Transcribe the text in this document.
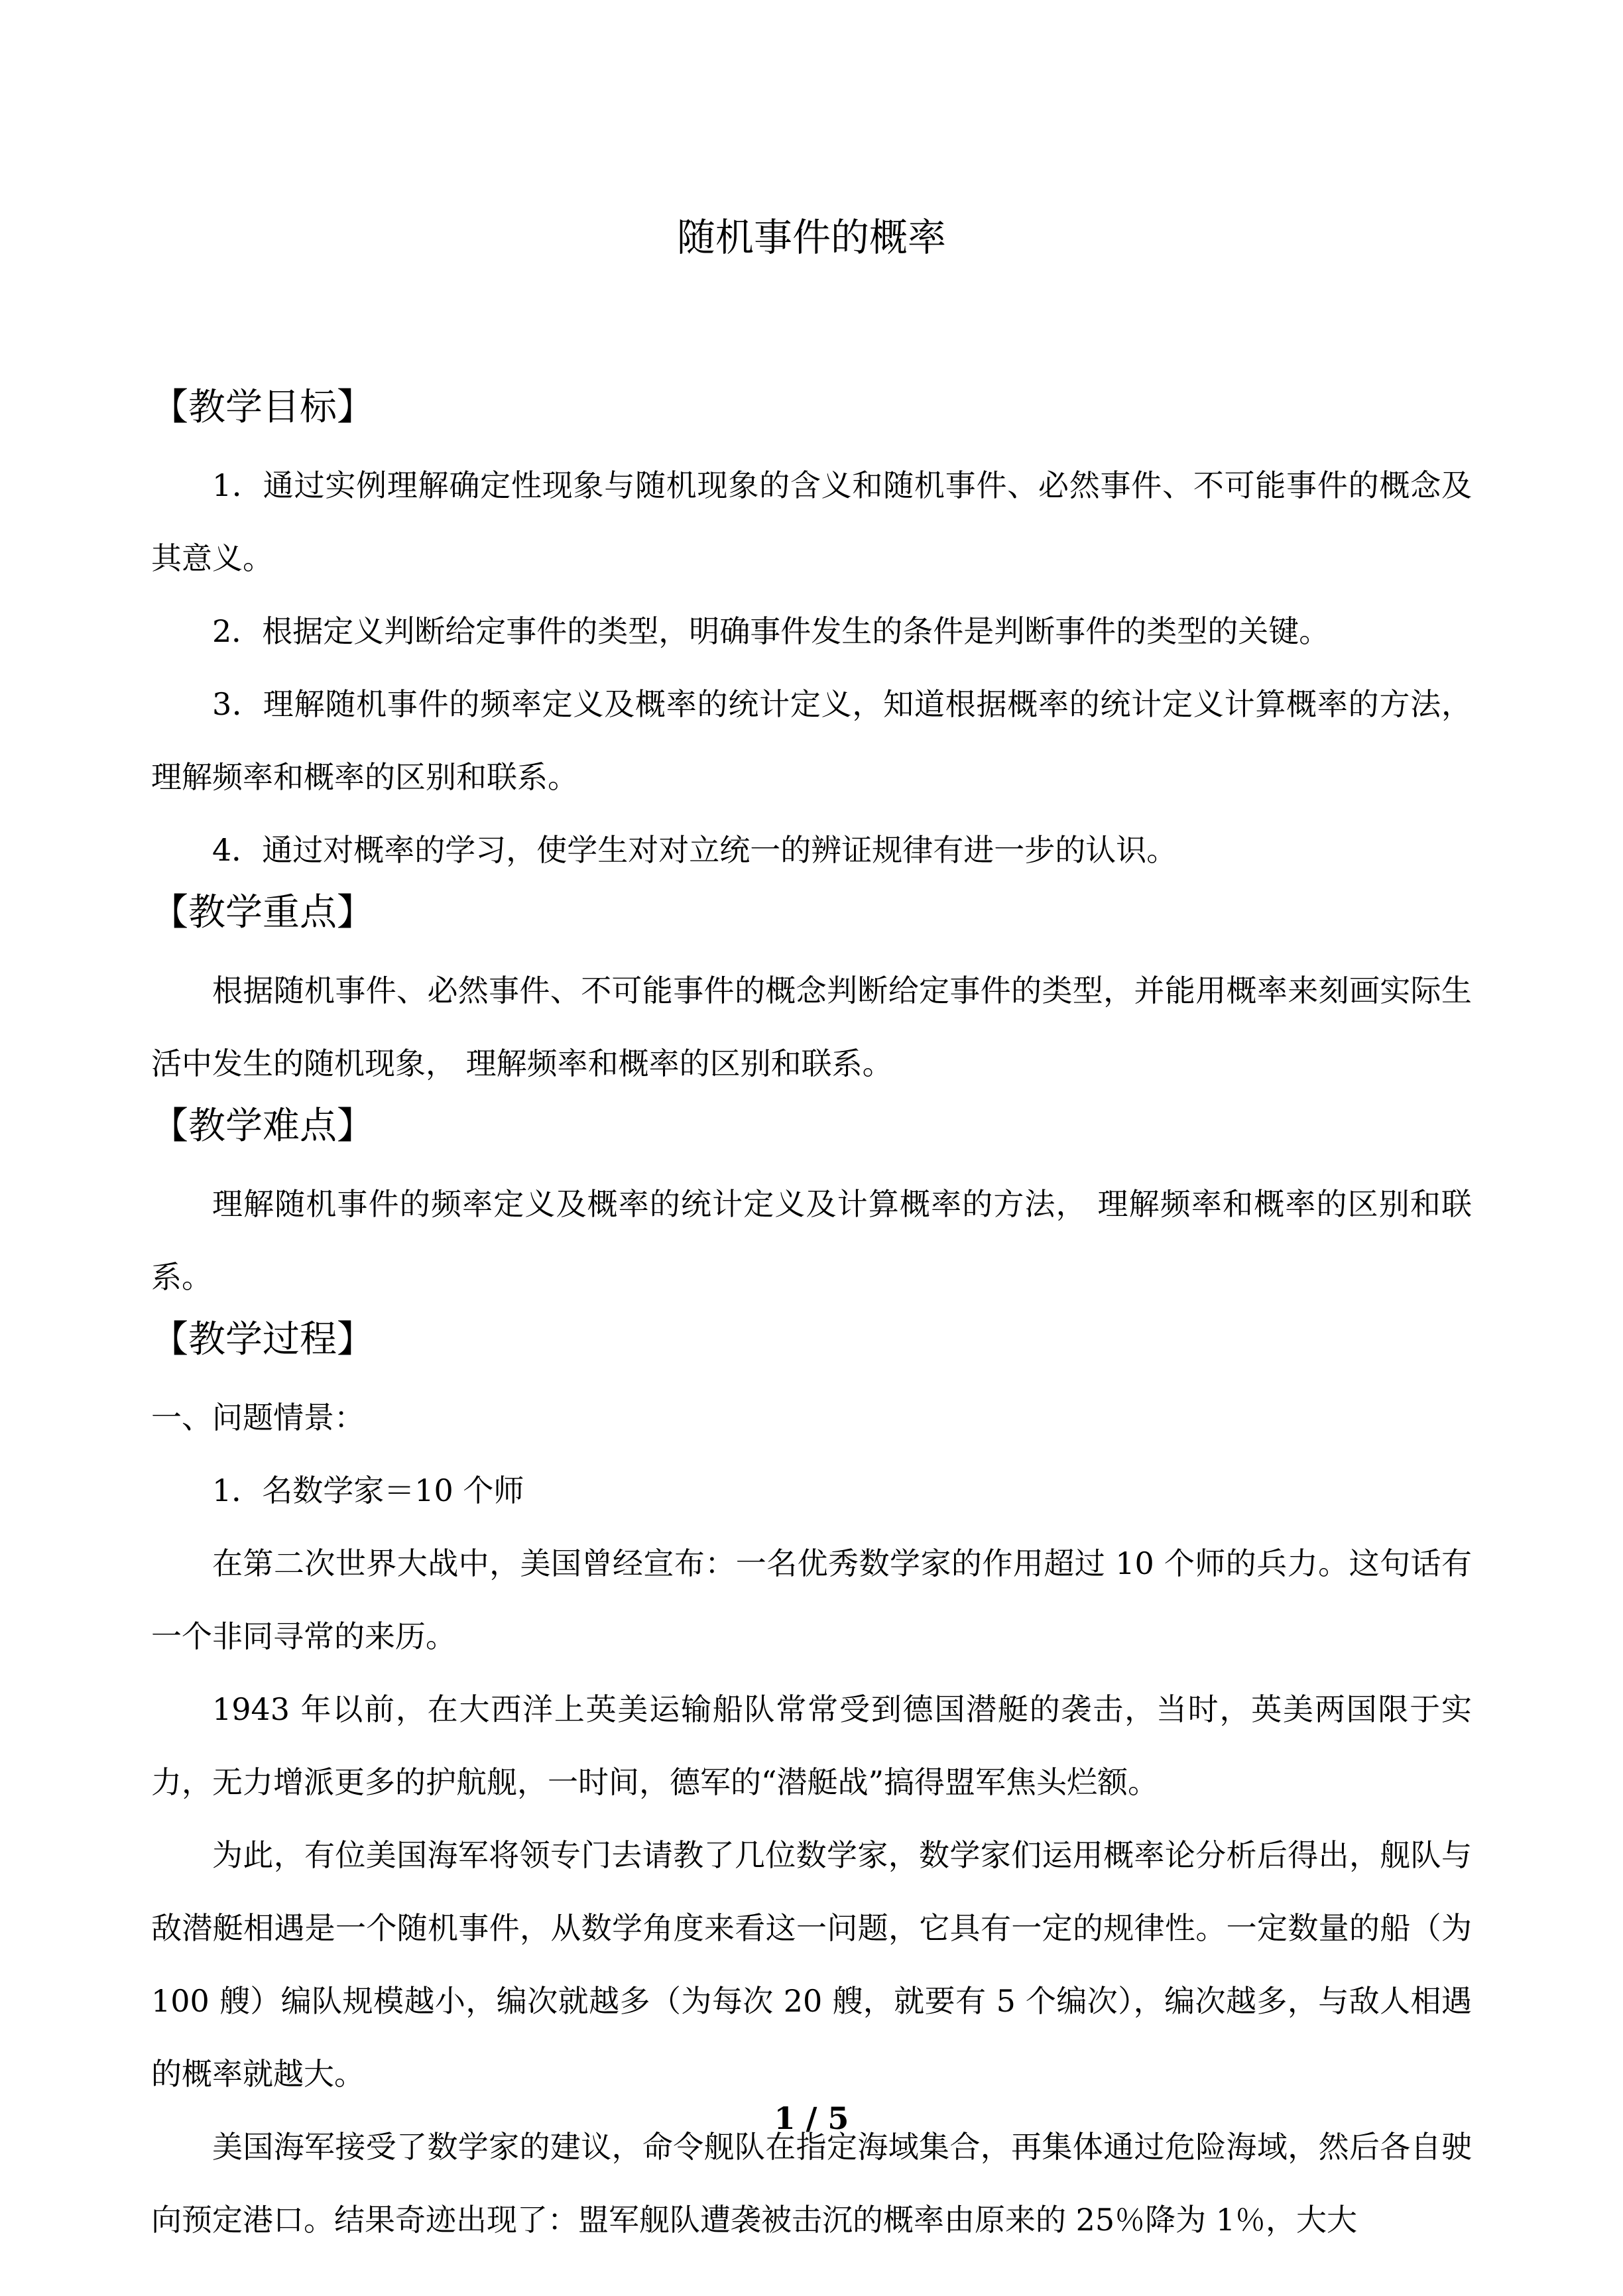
随机事件的概率
【教学目标】

1．通过实例理解确定性现象与随机现象的含义和随机事件、必然事件、不可能事件的概念及其意义。

2．根据定义判断给定事件的类型，明确事件发生的条件是判断事件的类型的关键。

3．理解随机事件的频率定义及概率的统计定义，知道根据概率的统计定义计算概率的方法， 理解频率和概率的区别和联系。

4．通过对概率的学习，使学生对对立统一的辨证规律有进一步的认识。

【教学重点】

根据随机事件、必然事件、不可能事件的概念判断给定事件的类型，并能用概率来刻画实际生活中发生的随机现象， 理解频率和概率的区别和联系。

【教学难点】

理解随机事件的频率定义及概率的统计定义及计算概率的方法， 理解频率和概率的区别和联系。

【教学过程】

一、问题情景：

1．名数学家＝10 个师

在第二次世界大战中，美国曾经宣布：一名优秀数学家的作用超过 10 个师的兵力。这句话有一个非同寻常的来历。

1943 年以前，在大西洋上英美运输船队常常受到德国潜艇的袭击，当时，英美两国限于实力，无力增派更多的护航舰，一时间，德军的“潜艇战”搞得盟军焦头烂额。

为此，有位美国海军将领专门去请教了几位数学家，数学家们运用概率论分析后得出，舰队与敌潜艇相遇是一个随机事件，从数学角度来看这一问题，它具有一定的规律性。一定数量的船（为 100 艘）编队规模越小，编次就越多（为每次 20 艘，就要有 5 个编次），编次越多，与敌人相遇的概率就越大。

美国海军接受了数学家的建议，命令舰队在指定海域集合，再集体通过危险海域，然后各自驶向预定港口。结果奇迹出现了：盟军舰队遭袭被击沉的概率由原来的 25％降为 1％，大大

1 / 5
